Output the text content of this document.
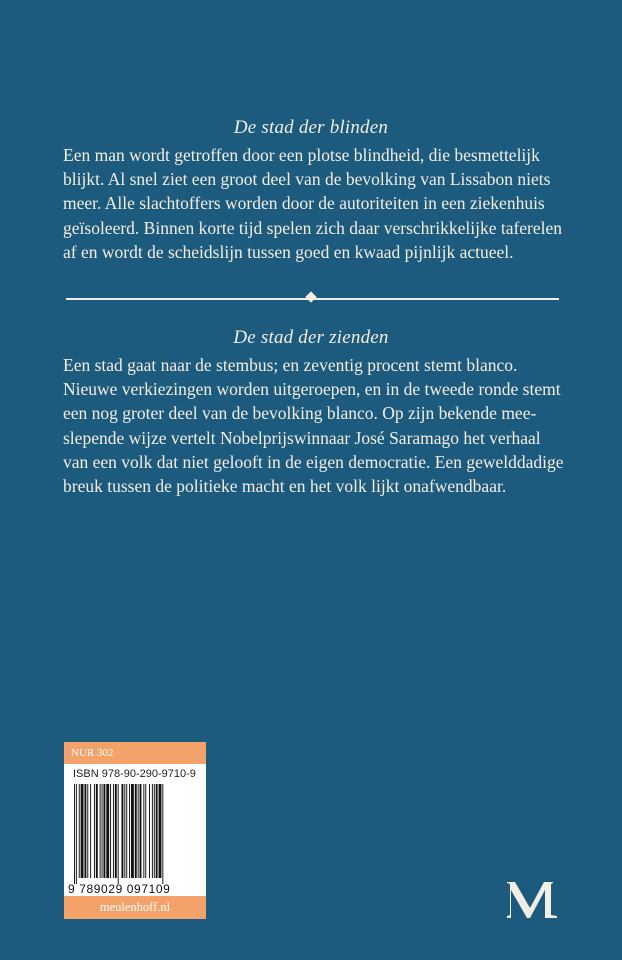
De stad der blinden
Een man wordt getroffen door een plotse blindheid, die besmettelijk
blijkt. Al snel ziet een groot deel van de bevolking van Lissabon niets
meer. Alle slachtoffers worden door de autoriteiten in een ziekenhuis
geïsoleerd. Binnen korte tijd spelen zich daar verschrikkelijke taferelen
af en wordt de scheidslijn tussen goed en kwaad pijnlijk actueel.
De stad der zienden
Een stad gaat naar de stembus; en zeventig procent stemt blanco.
Nieuwe verkiezingen worden uitgeroepen, en in de tweede ronde stemt
een nog groter deel van de bevolking blanco. Op zijn bekende mee-
slepende wijze vertelt Nobelprijswinnaar José Saramago het verhaal
van een volk dat niet gelooft in de eigen democratie. Een gewelddadige
breuk tussen de politieke macht en het volk lijkt onafwendbaar.
NUR 302
ISBN 978-90-290-9710-9
9 789029 097109
meulenhoff.nl
